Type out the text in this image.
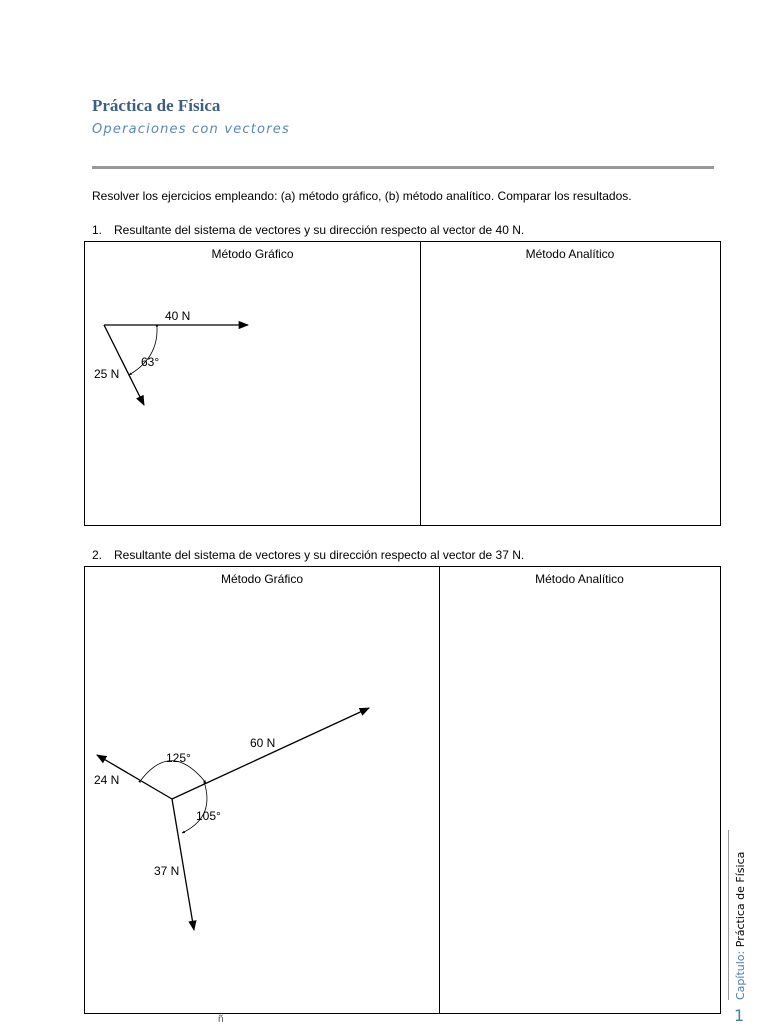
Práctica de Física
Operaciones con vectores
Resolver los ejercicios empleando: (a) método gráfico, (b) método analítico. Comparar los resultados.
1. Resultante del sistema de vectores y su dirección respecto al vector de 40 N.
Método Gráfico	Método Analítico
40 N
25 N
63°
2. Resultante del sistema de vectores y su dirección respecto al vector de 37 N.
Método Gráfico	Método Analítico
60 N
24 N
37 N
125°
105°
Capítulo: Práctica de Física
1
ñ
